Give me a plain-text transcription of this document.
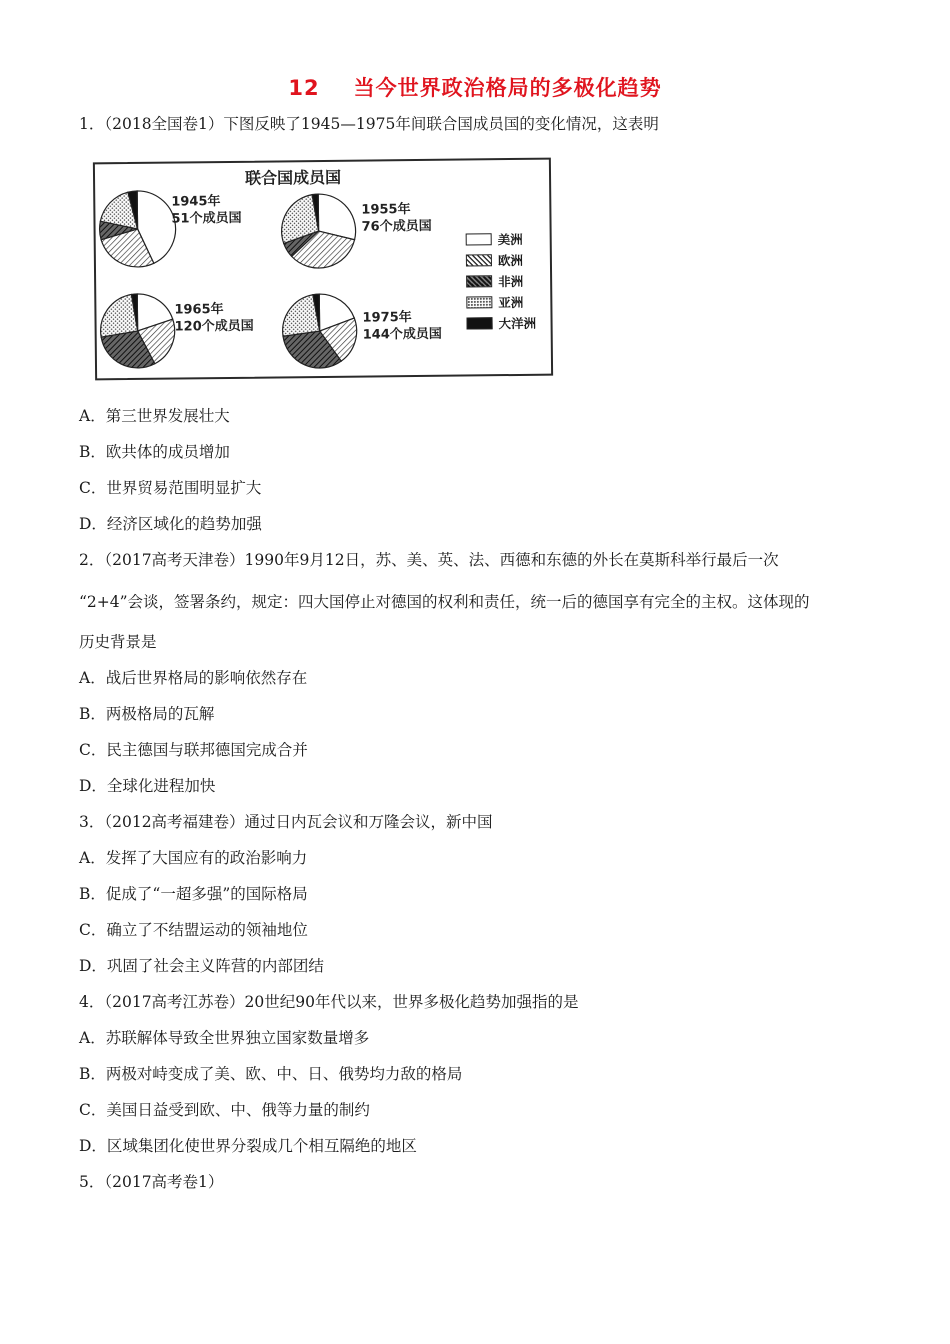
12 当今世界政治格局的多极化趋势
1．（2018全国卷1）下图反映了1945—1975年间联合国成员国的变化情况，这表明
联合国成员国
1945年
51个成员国
1955年
76个成员国
1965年
120个成员国
1975年
144个成员国
美洲
欧洲
非洲
亚洲
大洋洲
A．第三世界发展壮大
B．欧共体的成员增加
C．世界贸易范围明显扩大
D．经济区域化的趋势加强
2．（2017高考天津卷）1990年9月12日，苏、美、英、法、西德和东德的外长在莫斯科举行最后一次
“2+4”会谈，签署条约，规定：四大国停止对德国的权利和责任，统一后的德国享有完全的主权。这体现的
历史背景是
A．战后世界格局的影响依然存在
B．两极格局的瓦解
C．民主德国与联邦德国完成合并
D．全球化进程加快
3．（2012高考福建卷）通过日内瓦会议和万隆会议，新中国
A．发挥了大国应有的政治影响力
B．促成了“一超多强”的国际格局
C．确立了不结盟运动的领袖地位
D．巩固了社会主义阵营的内部团结
4．（2017高考江苏卷）20世纪90年代以来，世界多极化趋势加强指的是
A．苏联解体导致全世界独立国家数量增多
B．两极对峙变成了美、欧、中、日、俄势均力敌的格局
C．美国日益受到欧、中、俄等力量的制约
D．区域集团化使世界分裂成几个相互隔绝的地区
5．（2017高考卷1）
